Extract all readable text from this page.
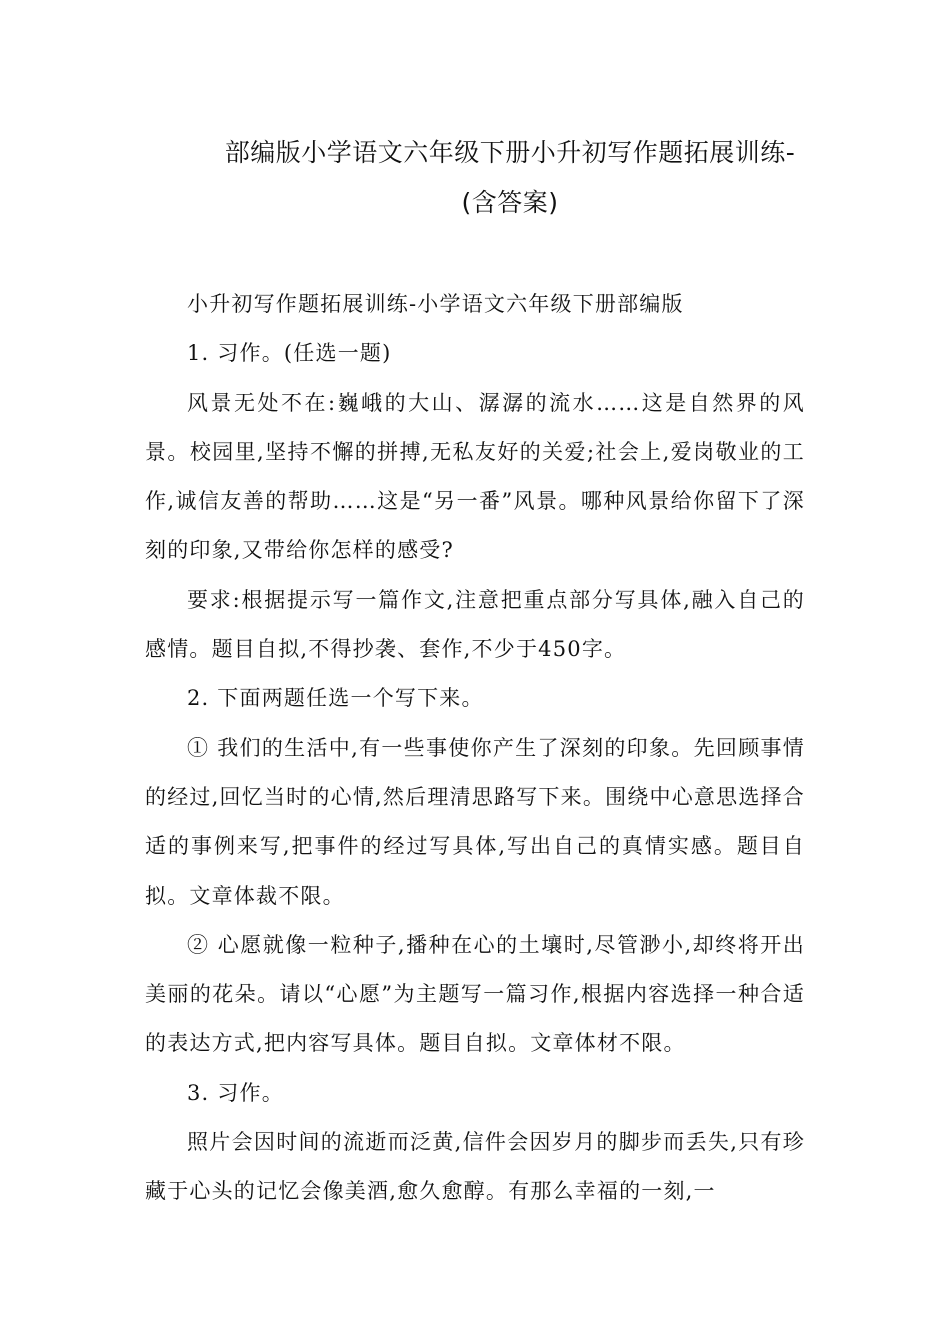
部编版小学语文六年级下册小升初写作题拓展训练-
(含答案)

小升初写作题拓展训练-小学语文六年级下册部编版

1. 习作。(任选一题)

风景无处不在:巍峨的大山、潺潺的流水……这是自然界的风景。校园里,坚持不懈的拼搏,无私友好的关爱;社会上,爱岗敬业的工作,诚信友善的帮助……这是“另一番”风景。哪种风景给你留下了深刻的印象,又带给你怎样的感受?

要求:根据提示写一篇作文,注意把重点部分写具体,融入自己的感情。题目自拟,不得抄袭、套作,不少于450字。

2. 下面两题任选一个写下来。

① 我们的生活中,有一些事使你产生了深刻的印象。先回顾事情的经过,回忆当时的心情,然后理清思路写下来。围绕中心意思选择合适的事例来写,把事件的经过写具体,写出自己的真情实感。题目自拟。文章体裁不限。

② 心愿就像一粒种子,播种在心的土壤时,尽管渺小,却终将开出美丽的花朵。请以“心愿”为主题写一篇习作,根据内容选择一种合适的表达方式,把内容写具体。题目自拟。文章体材不限。

3. 习作。

照片会因时间的流逝而泛黄,信件会因岁月的脚步而丢失,只有珍藏于心头的记忆会像美酒,愈久愈醇。有那么幸福的一刻,一
